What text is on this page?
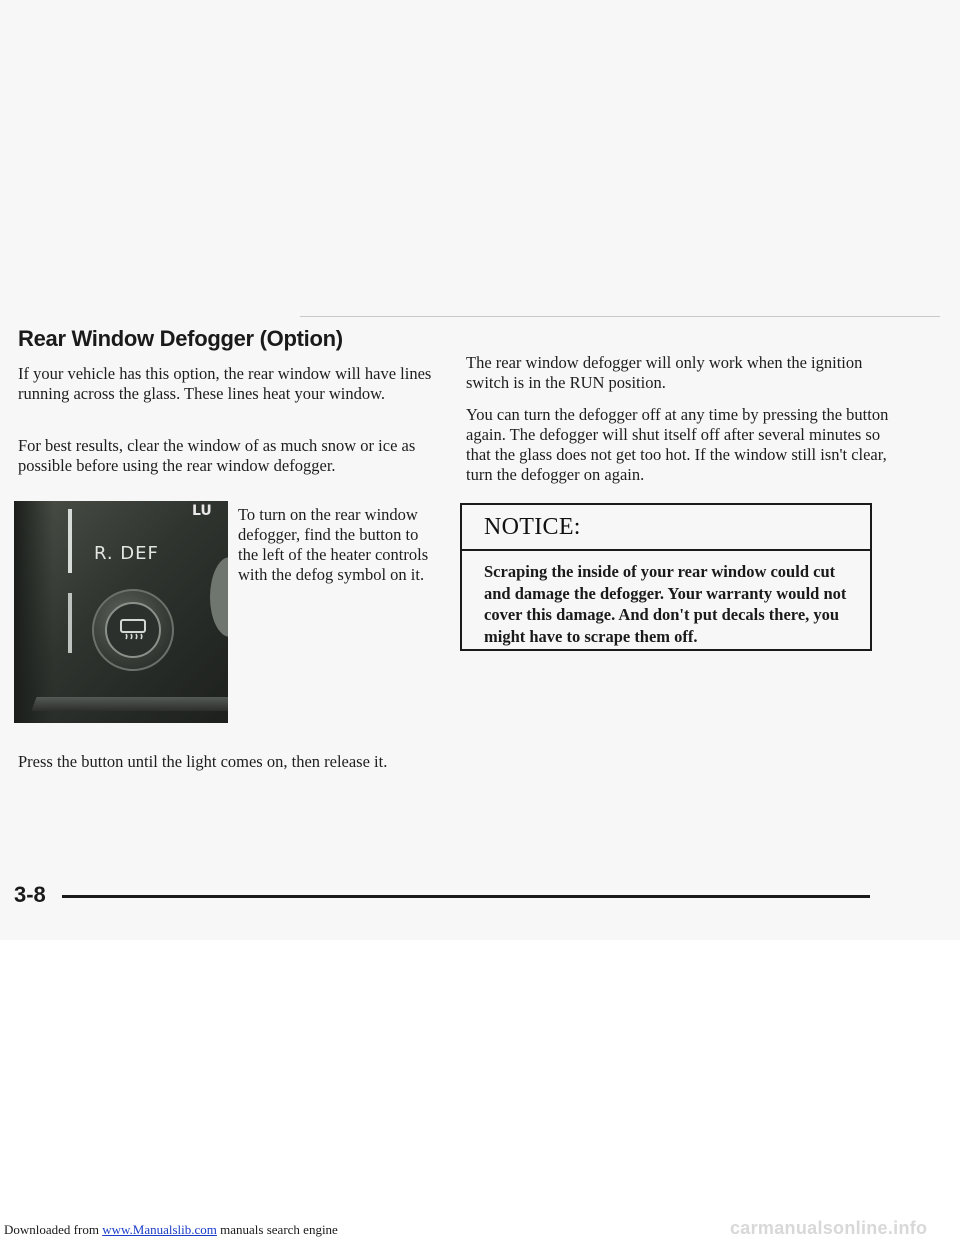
Rear Window Defogger (Option)

If your vehicle has this option, the rear window will have lines running across the glass. These lines heat your window.

For best results, clear the window of as much snow or ice as possible before using the rear window defogger.

R. DEF
LU To turn on the rear window defogger, find the button to the left of the heater controls with the defog symbol on it.

Press the button until the light comes on, then release it.

The rear window defogger will only work when the ignition switch is in the RUN position.

You can turn the defogger off at any time by pressing the button again. The defogger will shut itself off after several minutes so that the glass does not get too hot. If the window still isn't clear, turn the defogger on again.

NOTICE:
Scraping the inside of your rear window could cut and damage the defogger. Your warranty would not cover this damage. And don't put decals there, you might have to scrape them off.
3-8
Downloaded from www.Manualslib.com manuals search engine	carmanualsonline.info
